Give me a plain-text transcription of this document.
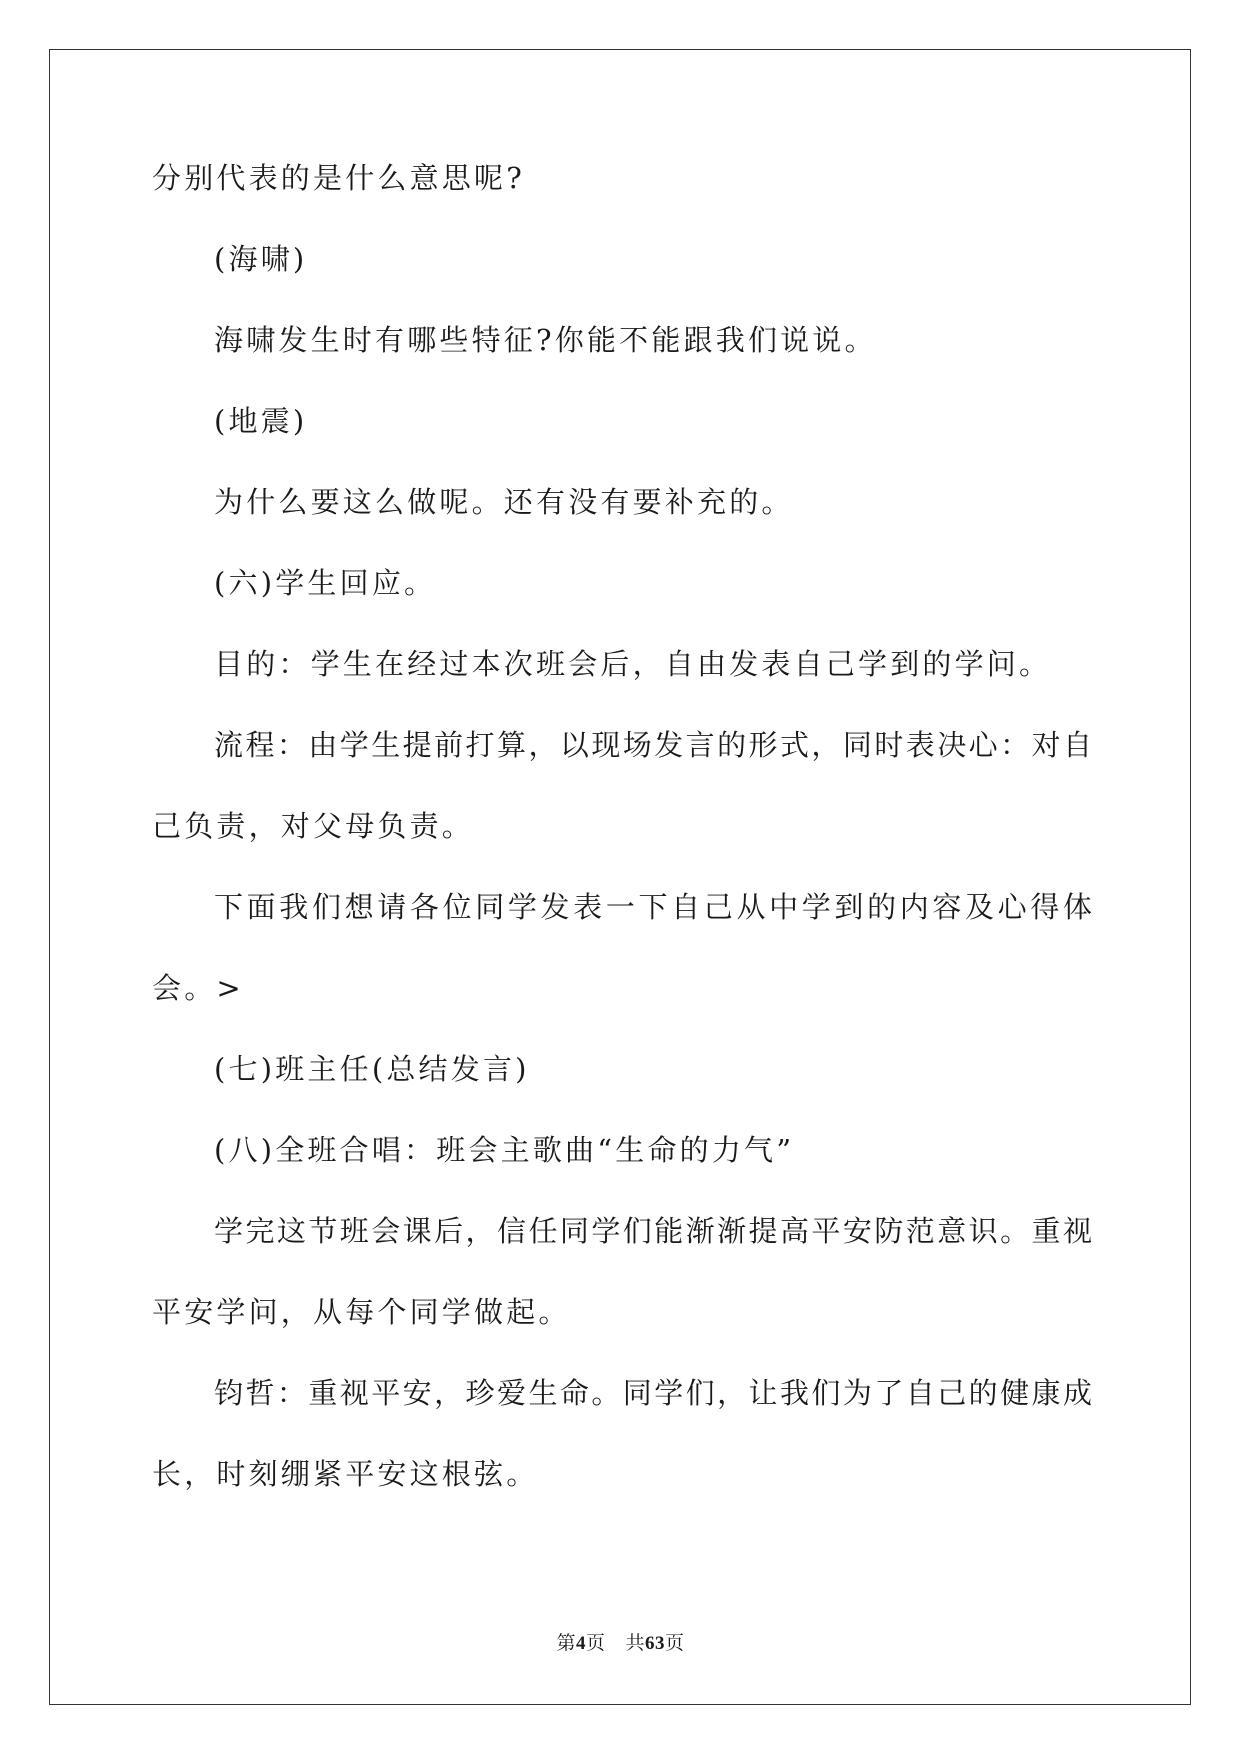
分别代表的是什么意思呢?
(海啸)
海啸发生时有哪些特征?你能不能跟我们说说。
(地震)
为什么要这么做呢。还有没有要补充的。
(六)学生回应。
目的：学生在经过本次班会后，自由发表自己学到的学问。
流程：由学生提前打算，以现场发言的形式，同时表决心：对自
己负责，对父母负责。
下面我们想请各位同学发表一下自己从中学到的内容及心得体
会。>
(七)班主任(总结发言)
(八)全班合唱：班会主歌曲“生命的力气”
学完这节班会课后，信任同学们能渐渐提高平安防范意识。重视
平安学问，从每个同学做起。
钧哲：重视平安，珍爱生命。同学们，让我们为了自己的健康成
长，时刻绷紧平安这根弦。
第4页 共63页
